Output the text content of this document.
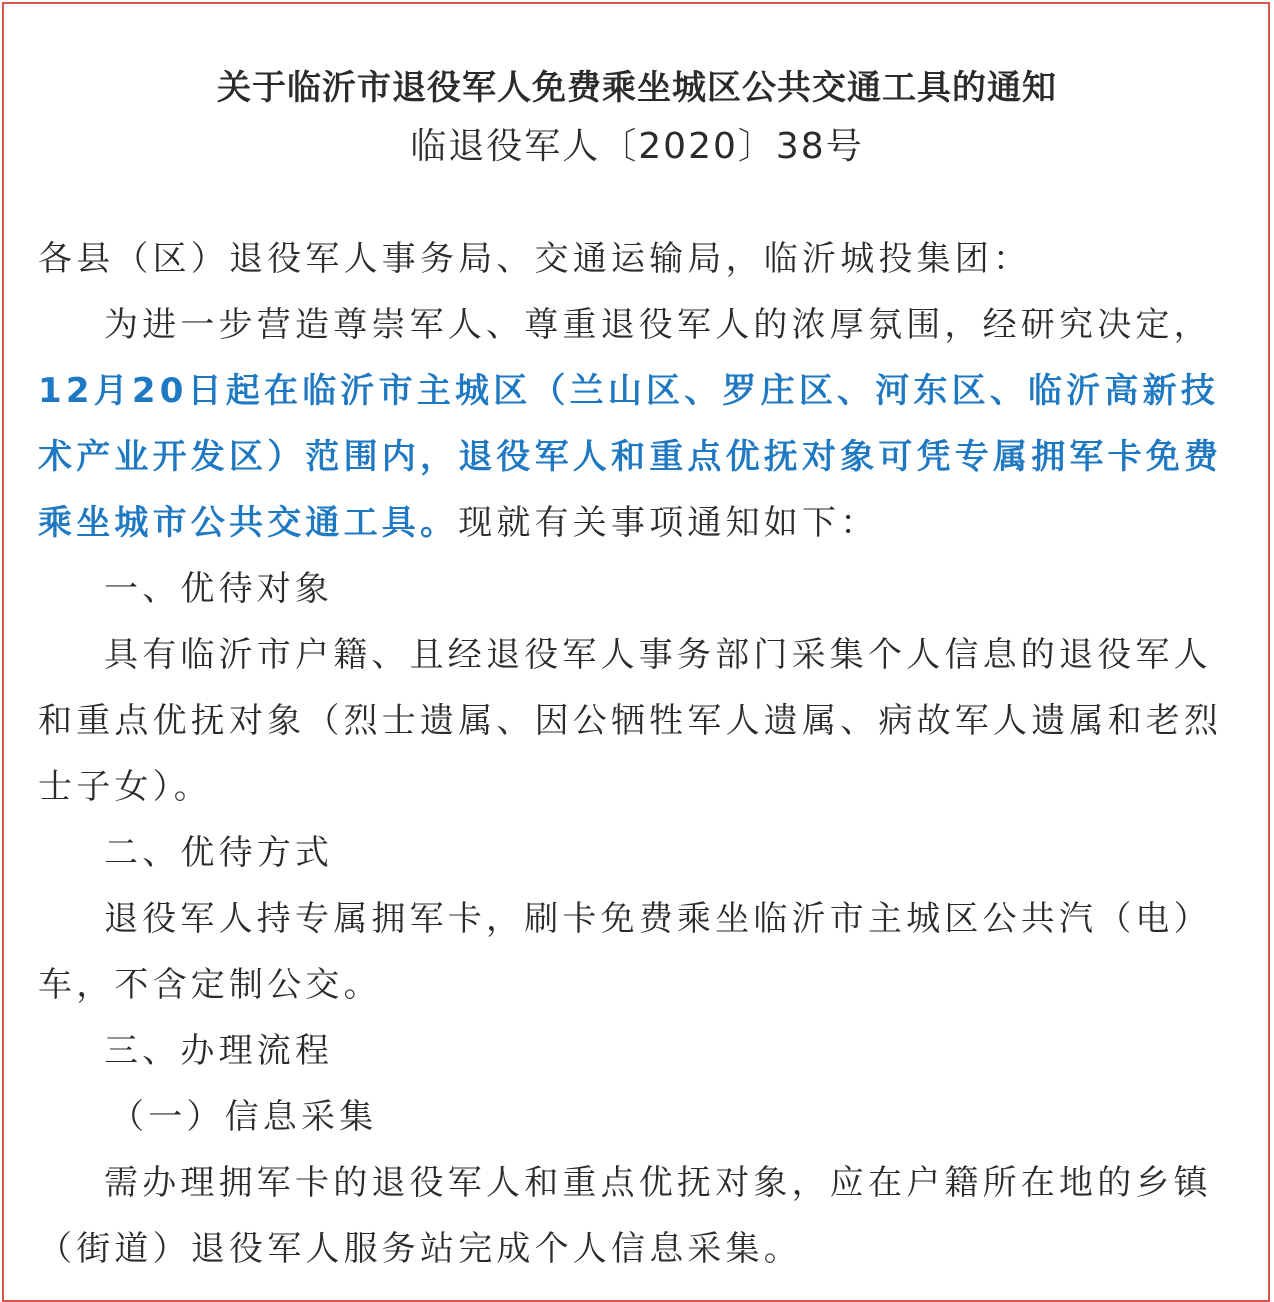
关于临沂市退役军人免费乘坐城区公共交通工具的通知
临退役军人〔2020〕38号

各县（区）退役军人事务局、交通运输局，临沂城投集团：

为进一步营造尊崇军人、尊重退役军人的浓厚氛围，经研究决定，12月20日起在临沂市主城区（兰山区、罗庄区、河东区、临沂高新技术产业开发区）范围内，退役军人和重点优抚对象可凭专属拥军卡免费乘坐城市公共交通工具。现就有关事项通知如下：

一、优待对象

具有临沂市户籍、且经退役军人事务部门采集个人信息的退役军人和重点优抚对象（烈士遗属、因公牺牲军人遗属、病故军人遗属和老烈士子女）。

二、优待方式

退役军人持专属拥军卡，刷卡免费乘坐临沂市主城区公共汽（电）车，不含定制公交。

三、办理流程

（一）信息采集

需办理拥军卡的退役军人和重点优抚对象，应在户籍所在地的乡镇（街道）退役军人服务站完成个人信息采集。
